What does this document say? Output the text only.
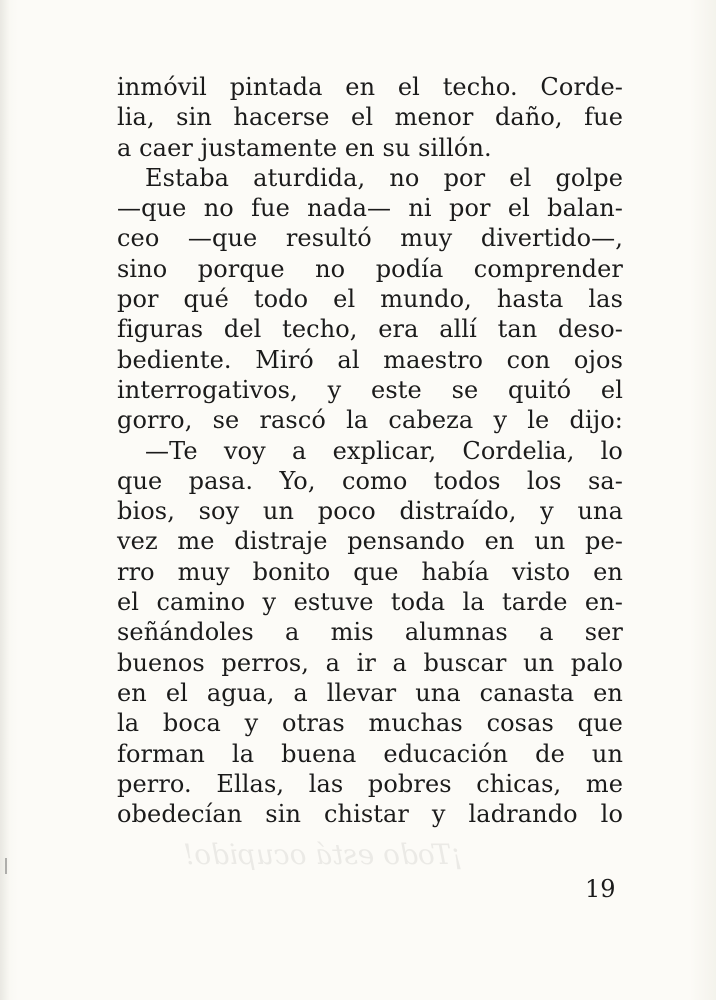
inmóvil pintada en el techo. Corde-
lia, sin hacerse el menor daño, fue
a caer justamente en su sillón.
Estaba aturdida, no por el golpe
—que no fue nada— ni por el balan-
ceo —que resultó muy divertido—,
sino porque no podía comprender
por qué todo el mundo, hasta las
figuras del techo, era allí tan deso-
bediente. Miró al maestro con ojos
interrogativos, y este se quitó el
gorro, se rascó la cabeza y le dijo:
—Te voy a explicar, Cordelia, lo
que pasa. Yo, como todos los sa-
bios, soy un poco distraído, y una
vez me distraje pensando en un pe-
rro muy bonito que había visto en
el camino y estuve toda la tarde en-
señándoles a mis alumnas a ser
buenos perros, a ir a buscar un palo
en el agua, a llevar una canasta en
la boca y otras muchas cosas que
forman la buena educación de un
perro. Ellas, las pobres chicas, me
obedecían sin chistar y ladrando lo
¡Todo está ocupido!
19
